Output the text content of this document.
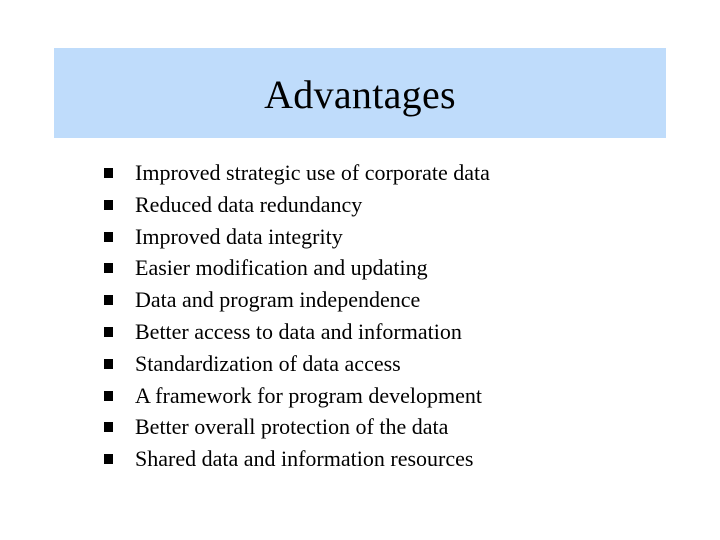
Advantages
Improved strategic use of corporate data
Reduced data redundancy
Improved data integrity
Easier modification and updating
Data and program independence
Better access to data and information
Standardization of data access
A framework for program development
Better overall protection of the data
Shared data and information resources
